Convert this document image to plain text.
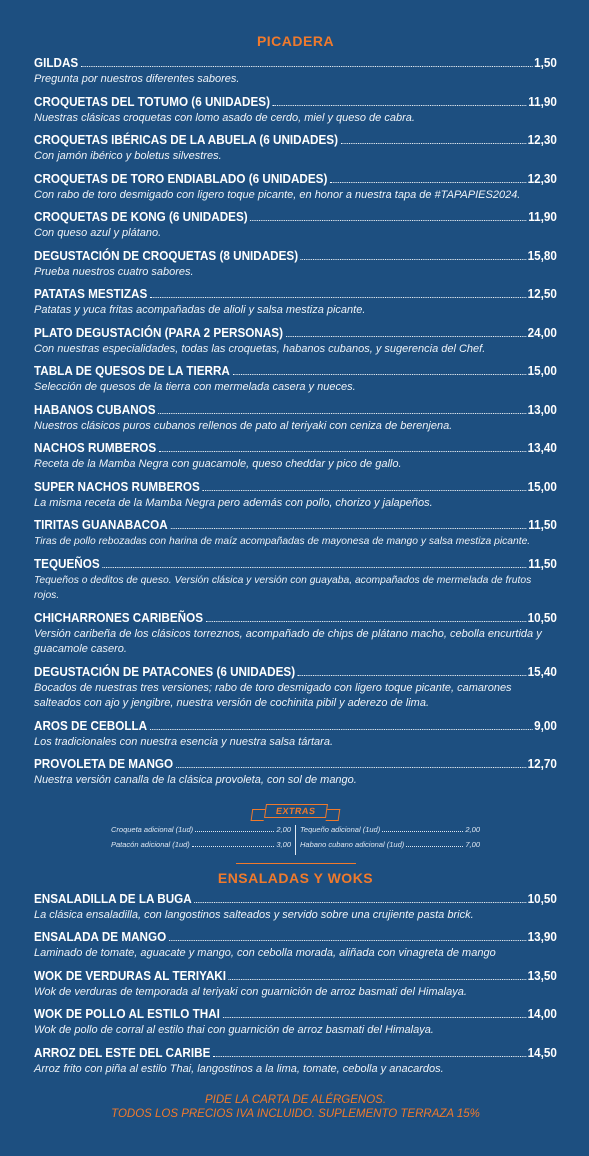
PICADERA
GILDAS	1,50
Pregunta por nuestros diferentes sabores.
CROQUETAS DEL TOTUMO (6 UNIDADES)	11,90
Nuestras clásicas croquetas con lomo asado de cerdo, miel y queso de cabra.
CROQUETAS IBÉRICAS DE LA ABUELA (6 UNIDADES)	12,30
Con jamón ibérico y boletus silvestres.
CROQUETAS DE TORO ENDIABLADO (6 UNIDADES)	12,30
Con rabo de toro desmigado con ligero toque picante, en honor a nuestra tapa de #TAPAPIES2024.
CROQUETAS DE KONG (6 UNIDADES)	11,90
Con queso azul y plátano.
DEGUSTACIÓN DE CROQUETAS (8 UNIDADES)	15,80
Prueba nuestros cuatro sabores.
PATATAS MESTIZAS	12,50
Patatas y yuca fritas acompañadas de alioli y salsa mestiza picante.
PLATO DEGUSTACIÓN (PARA 2 PERSONAS)	24,00
Con nuestras especialidades, todas las croquetas, habanos cubanos, y sugerencia del Chef.
TABLA DE QUESOS DE LA TIERRA	15,00
Selección de quesos de la tierra con mermelada casera y nueces.
HABANOS CUBANOS	13,00
Nuestros clásicos puros cubanos rellenos de pato al teriyaki con ceniza de berenjena.
NACHOS RUMBEROS	13,40
Receta de la Mamba Negra con guacamole, queso cheddar y pico de gallo.
SUPER NACHOS RUMBEROS	15,00
La misma receta de la Mamba Negra pero además con pollo, chorizo y jalapeños.
TIRITAS GUANABACOA	11,50
Tiras de pollo rebozadas con harina de maíz acompañadas de mayonesa de mango y salsa mestiza picante.
TEQUEÑOS	11,50
Tequeños o deditos de queso. Versión clásica y versión con guayaba, acompañados de mermelada de frutos rojos.
CHICHARRONES CARIBEÑOS	10,50
Versión caribeña de los clásicos torreznos, acompañado de chips de plátano macho, cebolla encurtida y guacamole casero.
DEGUSTACIÓN DE PATACONES (6 UNIDADES)	15,40
Bocados de nuestras tres versiones; rabo de toro desmigado con ligero toque picante, camarones salteados con ajo y jengibre, nuestra versión de cochinita pibil y aderezo de lima.
AROS DE CEBOLLA	9,00
Los tradicionales con nuestra esencia y nuestra salsa tártara.
PROVOLETA DE MANGO	12,70
Nuestra versión canalla de la clásica provoleta, con sol de mango.
EXTRAS
Croqueta adicional (1ud)	2,00
Patacón adicional (1ud)	3,00
Tequeño adicional (1ud)	2,00
Habano cubano adicional (1ud)	7,00
ENSALADAS Y WOKS
ENSALADILLA DE LA BUGA	10,50
La clásica ensaladilla, con langostinos salteados y servido sobre una crujiente pasta brick.
ENSALADA DE MANGO	13,90
Laminado de tomate, aguacate y mango, con cebolla morada, aliñada con vinagreta de mango
WOK DE VERDURAS AL TERIYAKI	13,50
Wok de verduras de temporada al teriyaki con guarnición de arroz basmati del Himalaya.
WOK DE POLLO AL ESTILO THAI	14,00
Wok de pollo de corral al estilo thai con guarnición de arroz basmati del Himalaya.
ARROZ DEL ESTE DEL CARIBE	14,50
Arroz frito con piña al estilo Thai, langostinos a la lima, tomate, cebolla y anacardos.
PIDE LA CARTA DE ALÉRGENOS.
TODOS LOS PRECIOS IVA INCLUIDO. SUPLEMENTO TERRAZA 15%
